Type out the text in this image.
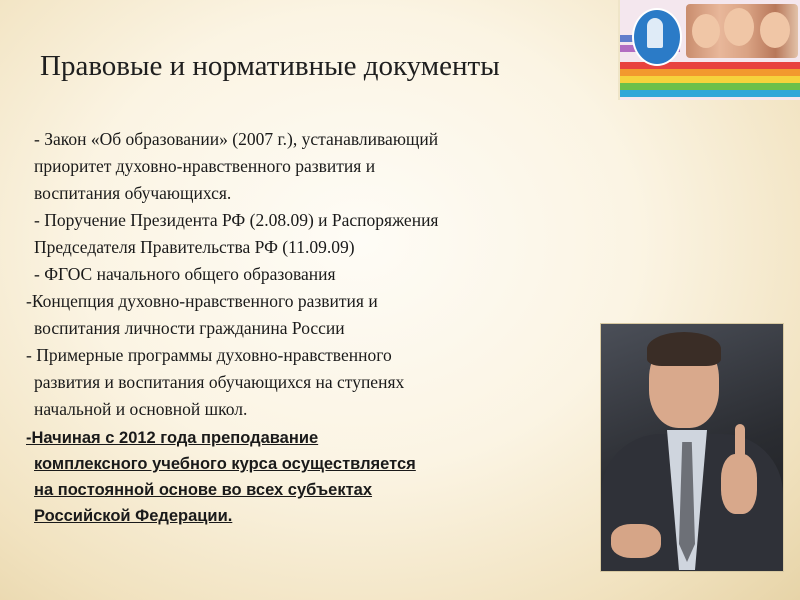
Правовые и нормативные документы
- Закон «Об образовании» (2007 г.), устанавливающий
приоритет духовно-нравственного развития и
воспитания обучающихся.
- Поручение Президента РФ (2.08.09) и Распоряжения
Председателя Правительства РФ (11.09.09)
- ФГОС начального общего образования
-Концепция духовно-нравственного развития и
воспитания личности гражданина России
- Примерные программы духовно-нравственного
развития и воспитания обучающихся на ступенях
начальной и основной школ.
-Начиная с 2012 года преподавание
комплексного учебного курса осуществляется
на постоянной основе во всех субъектах
Российской Федерации.
